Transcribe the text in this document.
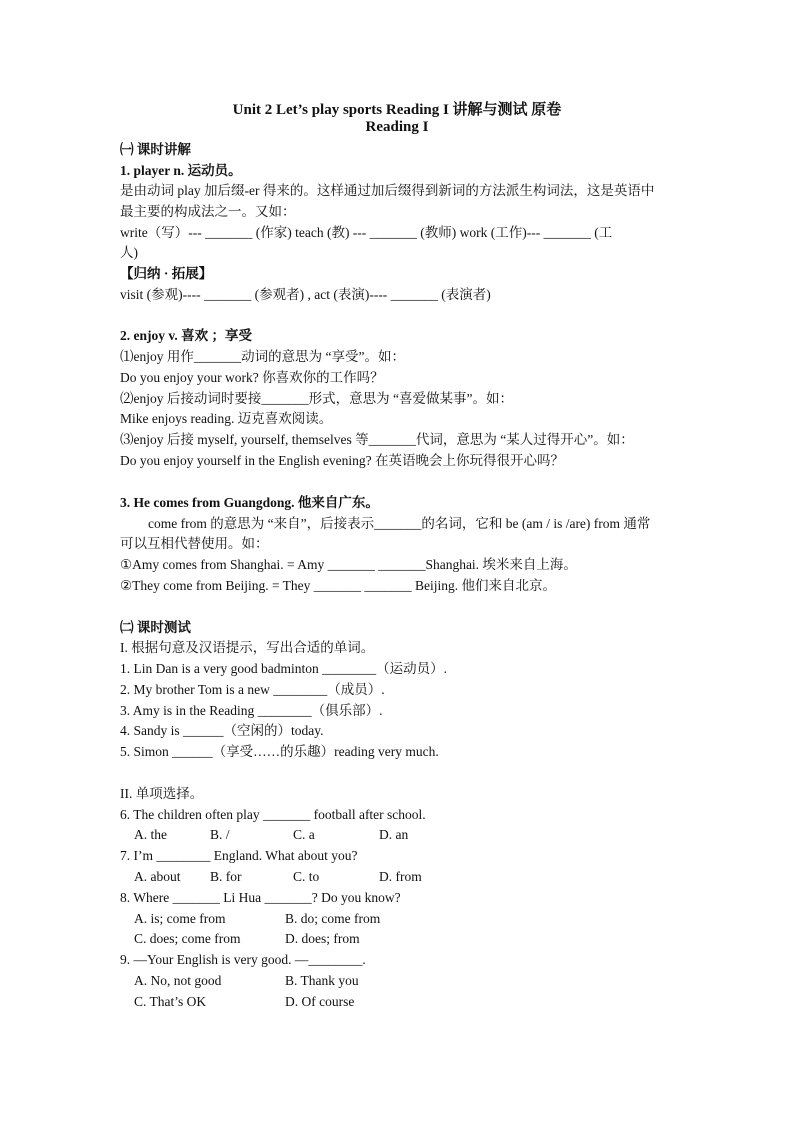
Unit 2 Let’s play sports Reading I 讲解与测试 原卷
Reading I
㈠ 课时讲解
1. player n. 运动员。
是由动词 play 加后缀-er 得来的。这样通过加后缀得到新词的方法派生构词法，这是英语中
最主要的构成法之一。又如：
write（写）--- _______ (作家) teach (教) --- _______ (教师) work (工作)--- _______ (工
人)
【归纳 · 拓展】
visit (参观)---- _______ (参观者) , act (表演)---- _______ (表演者)
2. enjoy v. 喜欢 ；享受
⑴enjoy 用作_______动词的意思为 “享受”。如：
Do you enjoy your work? 你喜欢你的工作吗？
⑵enjoy 后接动词时要接_______形式，意思为 “喜爱做某事”。如：
Mike enjoys reading. 迈克喜欢阅读。
⑶enjoy 后接 myself, yourself, themselves 等_______代词，意思为 “某人过得开心”。如：
Do you enjoy yourself in the English evening? 在英语晚会上你玩得很开心吗？
3. He comes from Guangdong. 他来自广东。
come from 的意思为 “来自”，后接表示_______的名词，它和 be (am / is /are) from 通常
可以互相代替使用。如：
①Amy comes from Shanghai. = Amy _______ _______Shanghai. 埃米来自上海。
②They come from Beijing. = They _______ _______ Beijing. 他们来自北京。
㈡ 课时测试
I. 根据句意及汉语提示，写出合适的单词。
1. Lin Dan is a very good badminton ________（运动员）.
2. My brother Tom is a new ________（成员）.
3. Amy is in the Reading ________（俱乐部）.
4. Sandy is ______（空闲的）today.
5. Simon ______（享受……的乐趣）reading very much.
II. 单项选择。
6. The children often play _______ football after school.
A. the	B. /	C. a	D. an
7. I’m ________ England. What about you?
A. about B. for	C. to	D. from
8. Where _______ Li Hua _______? Do you know?
A. is; come from	B. do; come from
C. does; come from	D. does; from
9. —Your English is very good. —________.
A. No, not good	B. Thank you
C. That’s OK	D. Of course
